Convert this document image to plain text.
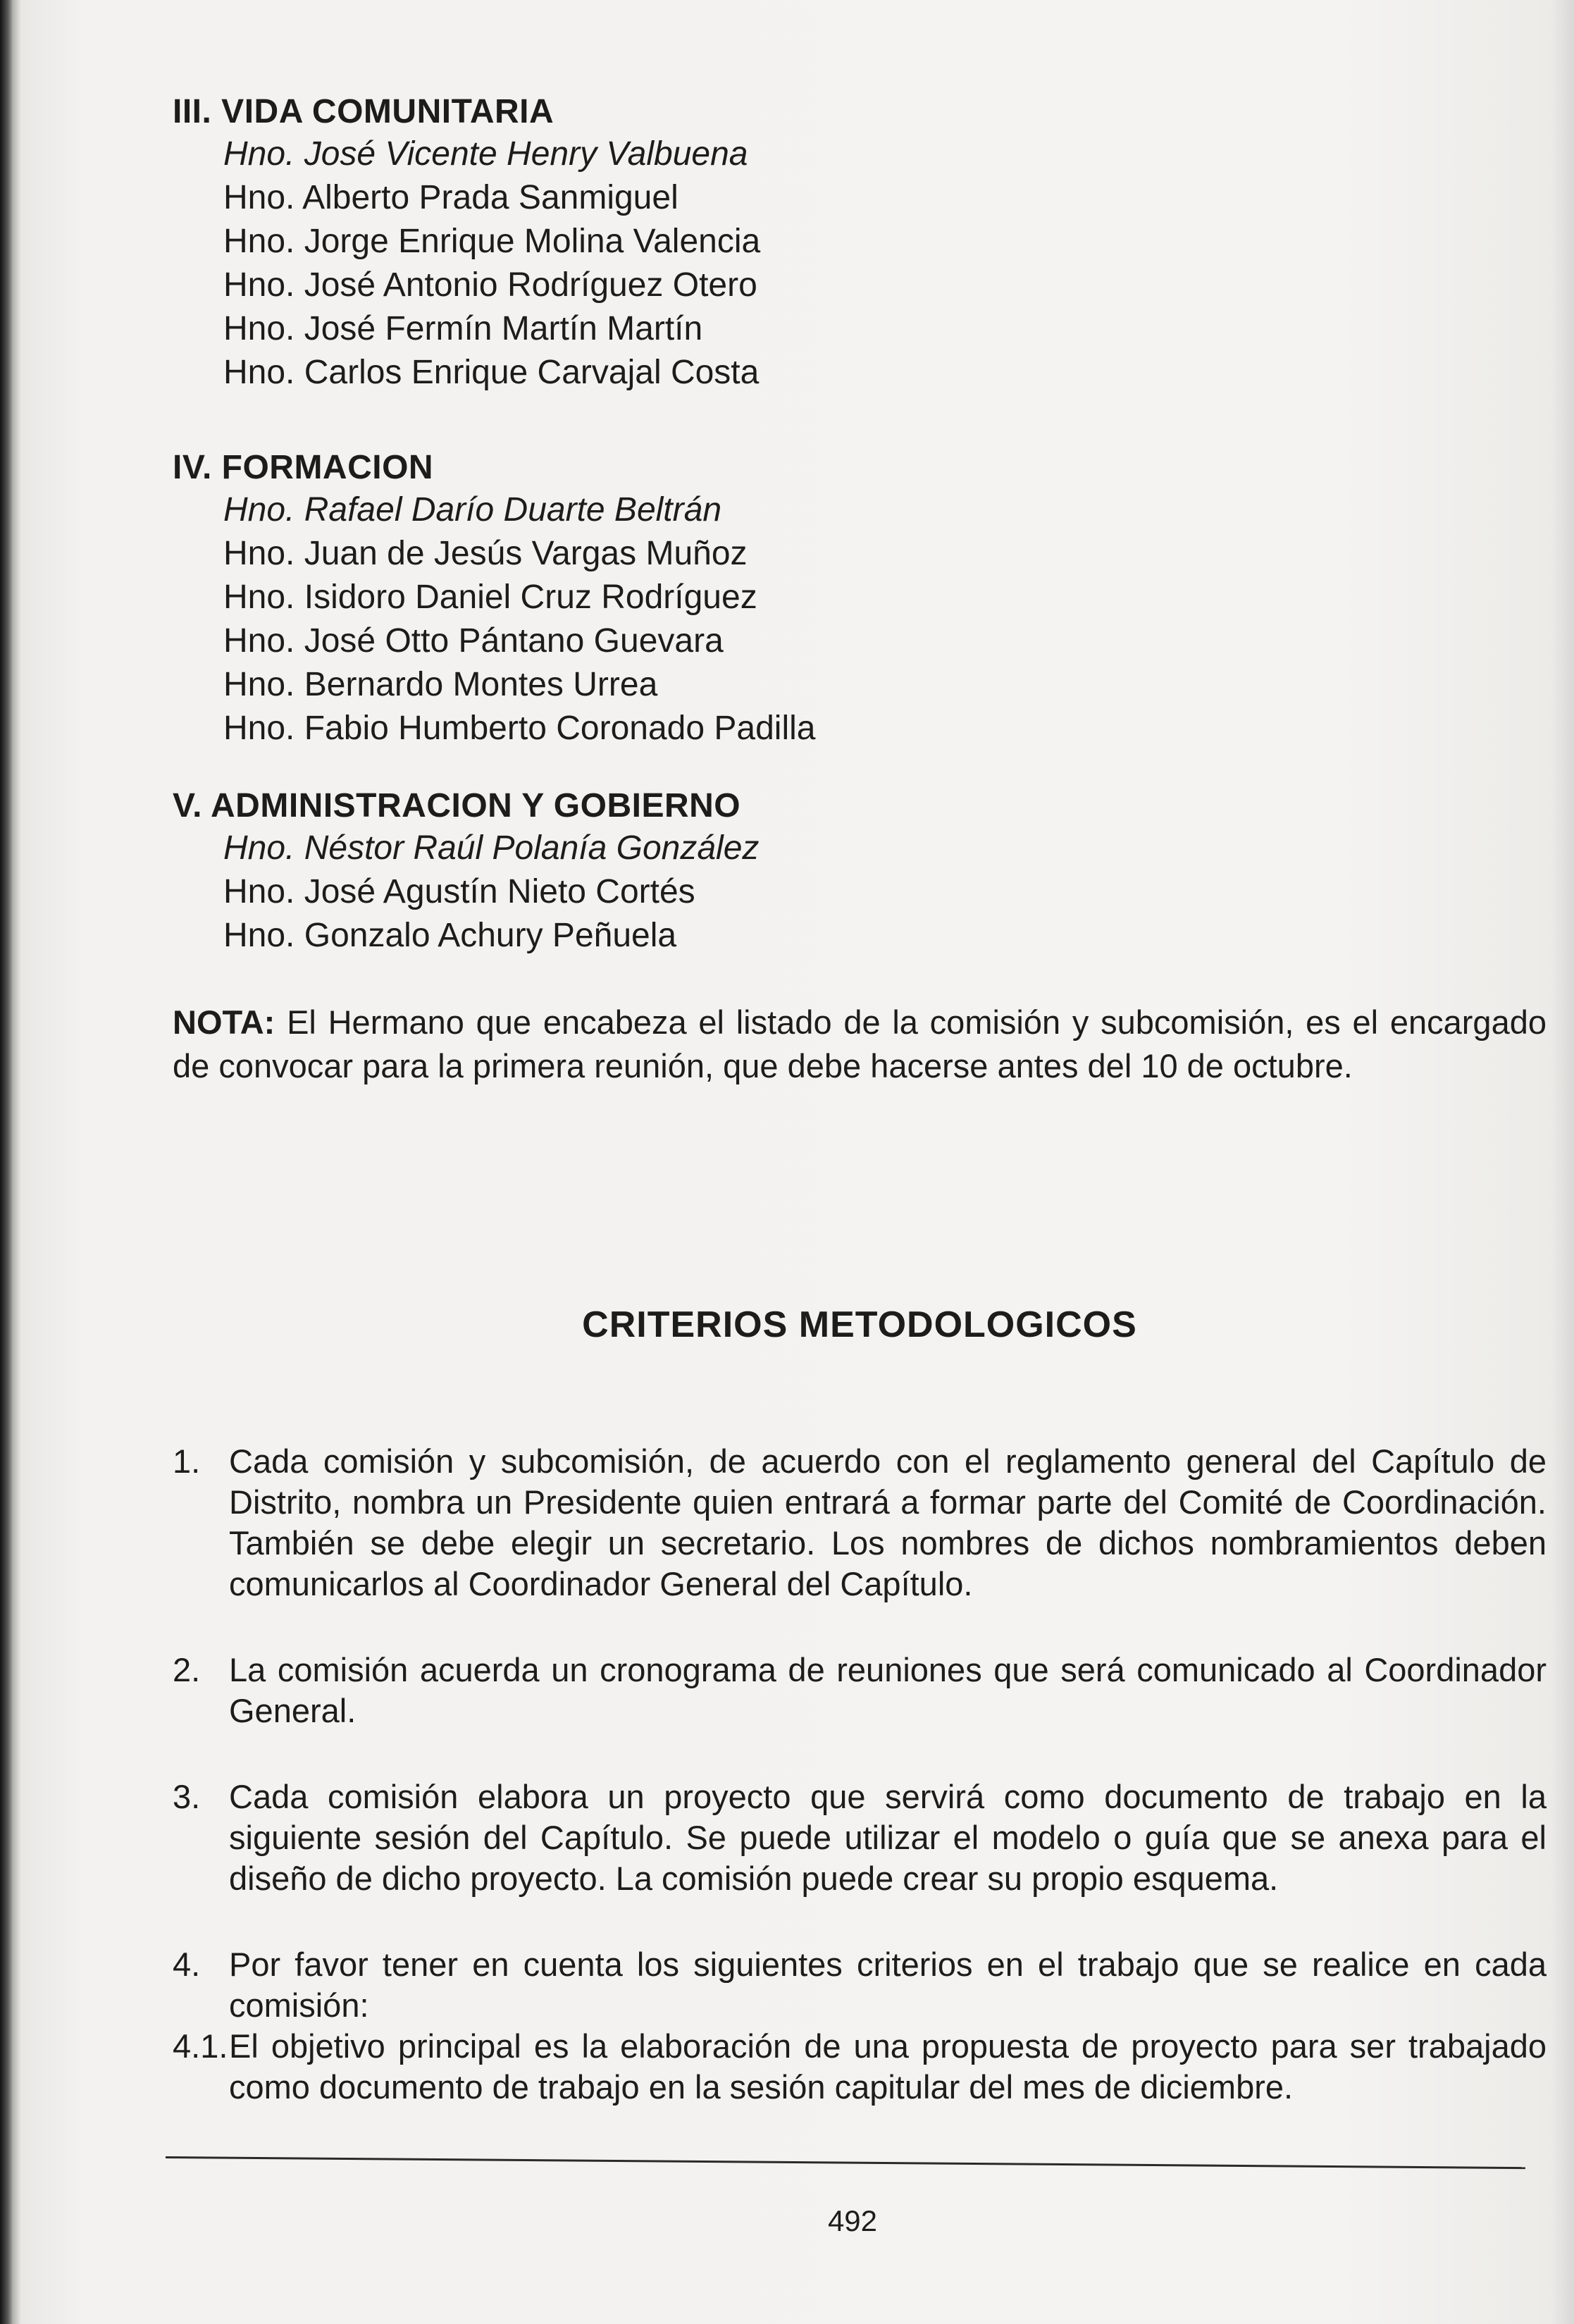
III. VIDA COMUNITARIA

Hno. José Vicente Henry Valbuena
Hno. Alberto Prada Sanmiguel
Hno. Jorge Enrique Molina Valencia
Hno. José Antonio Rodríguez Otero
Hno. José Fermín Martín Martín
Hno. Carlos Enrique Carvajal Costa

IV. FORMACION

Hno. Rafael Darío Duarte Beltrán
Hno. Juan de Jesús Vargas Muñoz
Hno. Isidoro Daniel Cruz Rodríguez
Hno. José Otto Pántano Guevara
Hno. Bernardo Montes Urrea
Hno. Fabio Humberto Coronado Padilla

V. ADMINISTRACION Y GOBIERNO

Hno. Néstor Raúl Polanía González
Hno. José Agustín Nieto Cortés
Hno. Gonzalo Achury Peñuela
NOTA: El Hermano que encabeza el listado de la comisión y subcomisión, es el encargado de convocar para la primera reunión, que debe hacerse antes del 10 de octubre.
CRITERIOS METODOLOGICOS
1. Cada comisión y subcomisión, de acuerdo con el reglamento general del Capítulo de Distrito, nombra un Presidente quien entrará a formar parte del Comité de Coordinación. También se debe elegir un secretario. Los nombres de dichos nombramientos deben comunicarlos al Coordinador General del Capítulo.
2. La comisión acuerda un cronograma de reuniones que será comunicado al Coordinador General.
3. Cada comisión elabora un proyecto que servirá como documento de trabajo en la siguiente sesión del Capítulo. Se puede utilizar el modelo o guía que se anexa para el diseño de dicho proyecto. La comisión puede crear su propio esquema.
4. Por favor tener en cuenta los siguientes criterios en el trabajo que se realice en cada comisión:
4.1. El objetivo principal es la elaboración de una propuesta de proyecto para ser trabajado como documento de trabajo en la sesión capitular del mes de diciembre.
492
